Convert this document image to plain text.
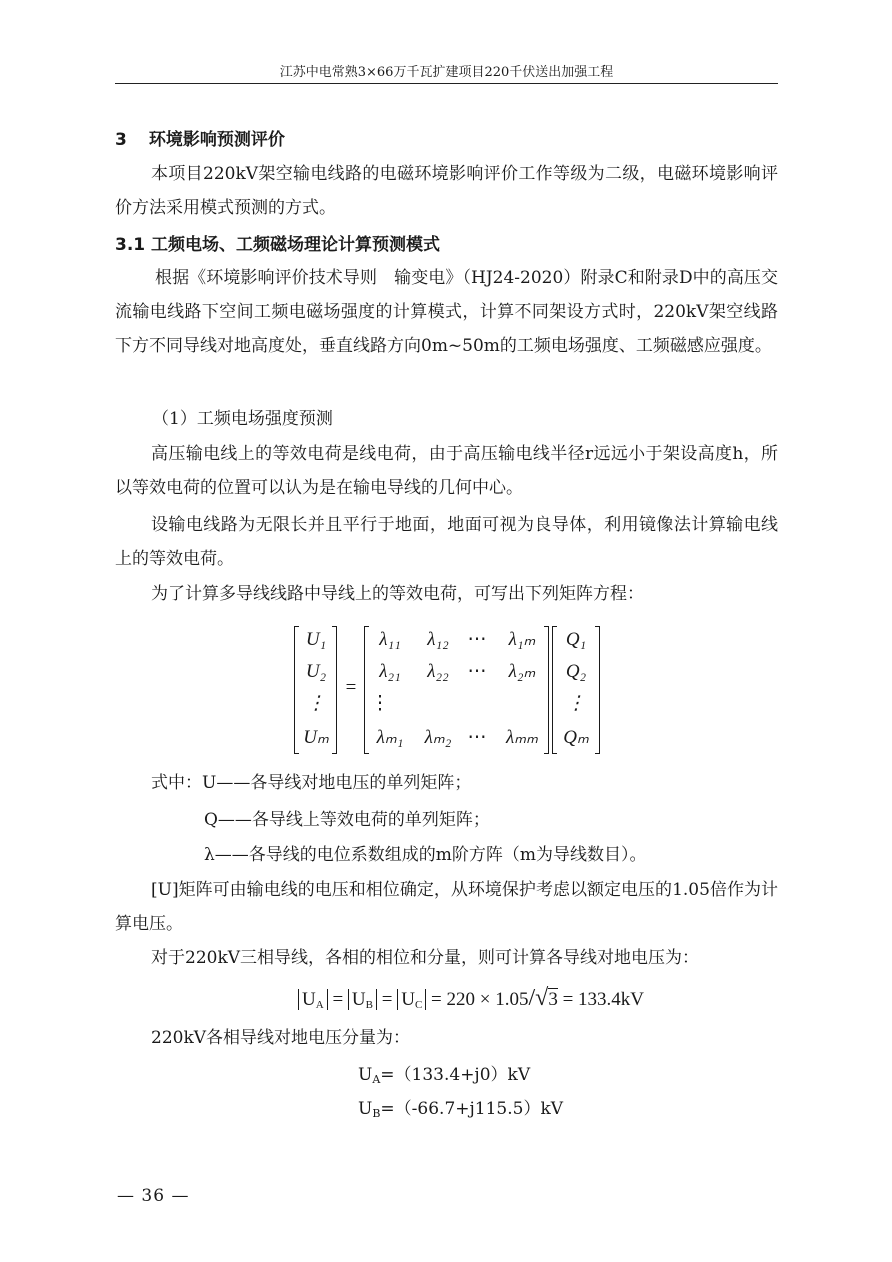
江苏中电常熟3×66万千瓦扩建项目220千伏送出加强工程
3 环境影响预测评价

本项目220kV架空输电线路的电磁环境影响评价工作等级为二级，电磁环境影响评价方法采用模式预测的方式。

3.1 工频电场、工频磁场理论计算预测模式

根据《环境影响评价技术导则　输变电》（HJ24-2020）附录C和附录D中的高压交流输电线路下空间工频电磁场强度的计算模式，计算不同架设方式时，220kV架空线路下方不同导线对地高度处，垂直线路方向0m~50m的工频电场强度、工频磁感应强度。

（1）工频电场强度预测

高压输电线上的等效电荷是线电荷，由于高压输电线半径r远远小于架设高度h，所以等效电荷的位置可以认为是在输电导线的几何中心。

设输电线路为无限长并且平行于地面，地面可视为良导体，利用镜像法计算输电线上的等效电荷。

为了计算多导线线路中导线上的等效电荷，可写出下列矩阵方程：
U₁
U₂
⋮
Uₘ
=
λ₁₁	λ₁₂ ⋯	λ₁ₘ
λ₂₁	λ₂₂ ⋯	λ₂ₘ
⋮
λₘ₁	λₘ₂ ⋯	λₘₘ
Q₁
Q₂
⋮
Qₘ
式中： U——各导线对地电压的单列矩阵；
Q——各导线上等效电荷的单列矩阵；
λ——各导线的电位系数组成的m阶方阵（m为导线数目）。

[U]矩阵可由输电线的电压和相位确定，从环境保护考虑以额定电压的1.05倍作为计算电压。

对于220kV三相导线，各相的相位和分量，则可计算各导线对地电压为：
$U_A = U_B = U_C = 220 \times 1.05/√3 = 133.4kV$
220kV各相导线对地电压分量为：
$U_A=(133.4+j0)kV$
$U_B=(-66.7+j115.5)kV$
— 36 —
